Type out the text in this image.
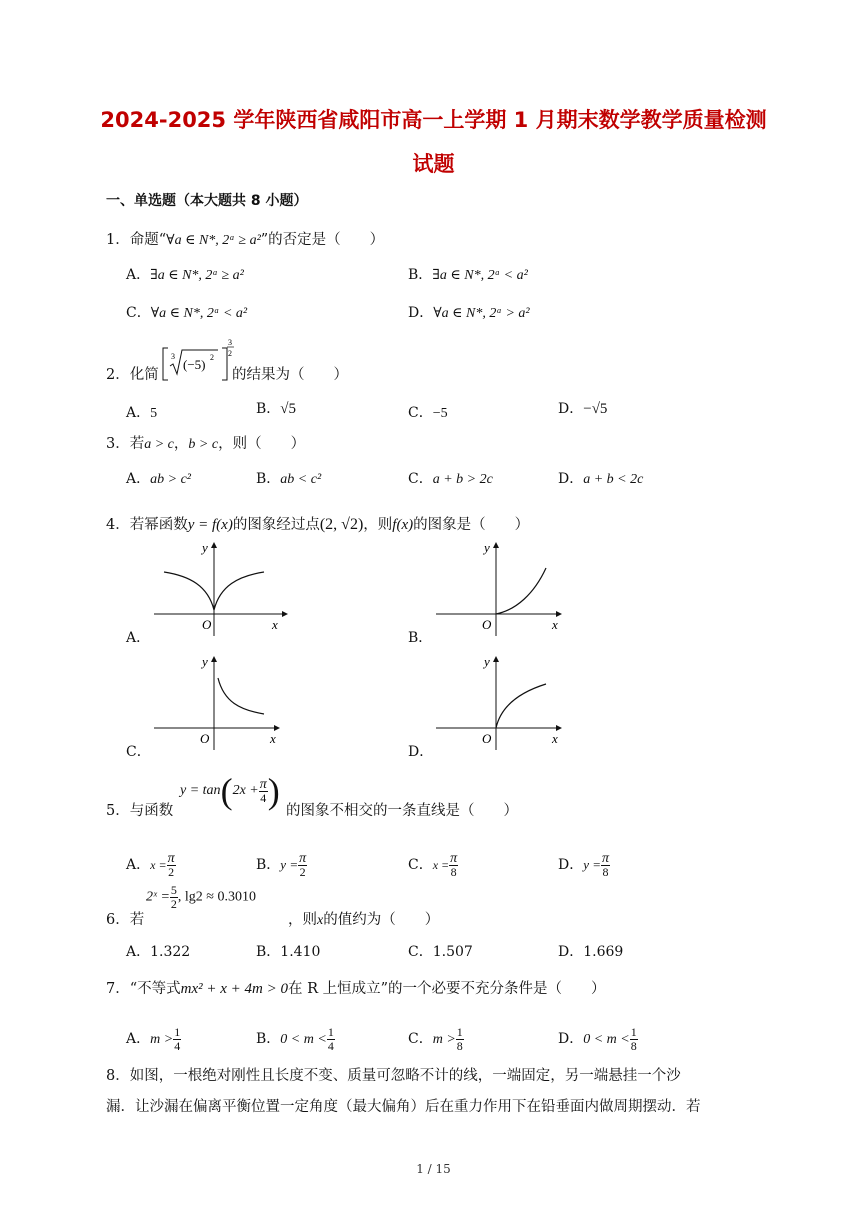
2024-2025 学年陕西省咸阳市高一上学期 1 月期末数学教学质量检测
试题
一、单选题（本大题共 8 小题）
1．命题“∀a ∈ N*, 2ᵃ ≥ a²”的否定是（　　）
A．∃a ∈ N*, 2ᵃ ≥ a²	B．∃a ∈ N*, 2ᵃ < a²
C．∀a ∈ N*, 2ᵃ < a²	D．∀a ∈ N*, 2ᵃ > a²
2．化简
3
(−5) 2
3
2
的结果为（　　）
A．5	B．√5	C．−5	D．−√5
3．若a > c，b > c，则（　　）
A．ab > c²	B．ab < c²	C．a + b > 2c	D．a + b < 2c
4．若幂函数y = f(x)的图象经过点(2, √2)，则f(x)的图象是（　　）
A．
O	x
y
B．
O	x
y
C．
O	x
y
D．
O	x
y
5．与函数
$y = \tan(2x + \frac{\pi}{4}$ ) 的图象不相交的一条直线是（　　）
A．$x = \frac{\pi}{2}$	B．$y = \frac{\pi}{2}$	C．$x = \frac{\pi}{8}$	D．$y = \frac{\pi}{8}$
6．若
2ˣ = $\frac{5}{2}$ , lg2 ≈ 0.3010
，则x的值约为（　　）
A．1.322	B．1.410	C．1.507	D．1.669
7．“不等式mx² + x + 4m > 0在 R 上恒成立”的一个必要不充分条件是（　　）
A．$m > \frac{1}{4}$	B．$0 < m < \frac{1}{4}$	C．$m > \frac{1}{8}$	D．$0 < m < \frac{1}{8}$
8．如图，一根绝对刚性且长度不变、质量可忽略不计的线，一端固定，另一端悬挂一个沙
漏．让沙漏在偏离平衡位置一定角度（最大偏角）后在重力作用下在铅垂面内做周期摆动．若
1 / 15
